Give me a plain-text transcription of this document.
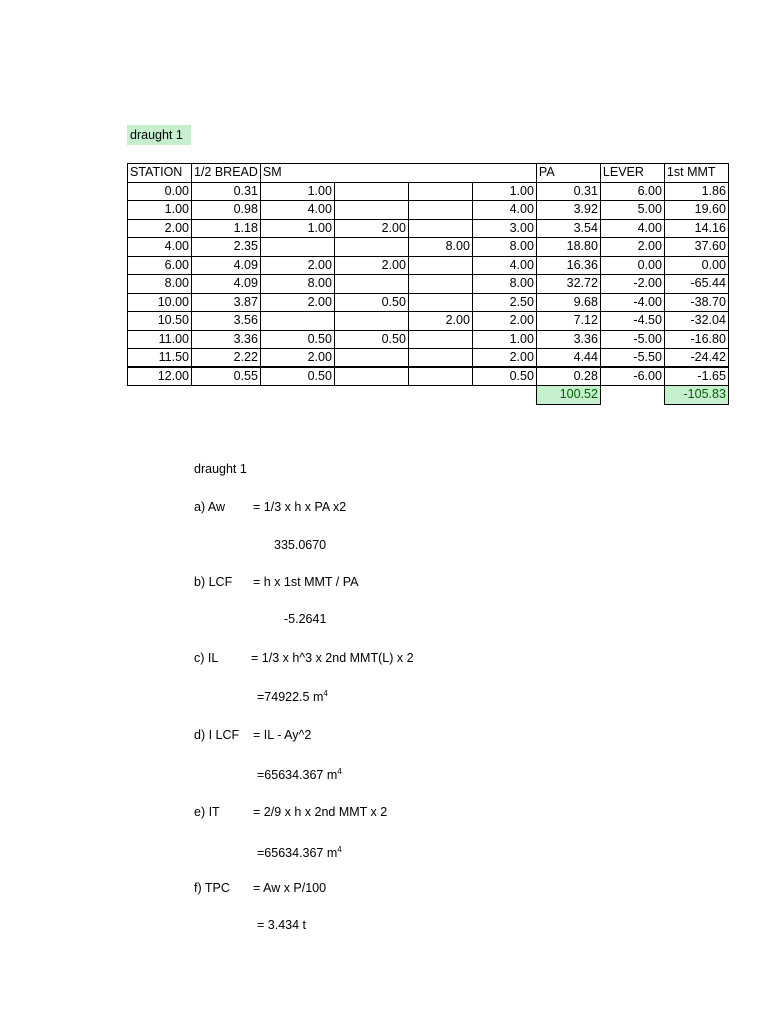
draught 1
STATION	1/2 BREAD	SM				PA	LEVER	1st MMT
0.00	0.31	1.00			1.00	0.31	6.00	1.86
1.00	0.98	4.00			4.00	3.92	5.00	19.60
2.00	1.18	1.00	2.00		3.00	3.54	4.00	14.16
4.00	2.35			8.00	8.00	18.80	2.00	37.60
6.00	4.09	2.00	2.00		4.00	16.36	0.00	0.00
8.00	4.09	8.00			8.00	32.72	-2.00	-65.44
10.00	3.87	2.00	0.50		2.50	9.68	-4.00	-38.70
10.50	3.56			2.00	2.00	7.12	-4.50	-32.04
11.00	3.36	0.50	0.50		1.00	3.36	-5.00	-16.80
11.50	2.22	2.00			2.00	4.44	-5.50	-24.42
12.00	0.55	0.50			0.50	0.28	-6.00	-1.65
						100.52		-105.83
draught 1
a) Aw = 1/3 x h x PA x2
335.0670
b) LCF = h x 1st MMT / PA
-5.2641
c) IL	= 1/3 x h^3 x 2nd MMT(L) x 2
=74922.5 $m^4$
d) I LCF = IL - Ay^2
=65634.367 $m^4$
e) IT	= 2/9 x h x 2nd MMT x 2
=65634.367 $m^4$
f) TPC = Aw x P/100
= 3.434 t
